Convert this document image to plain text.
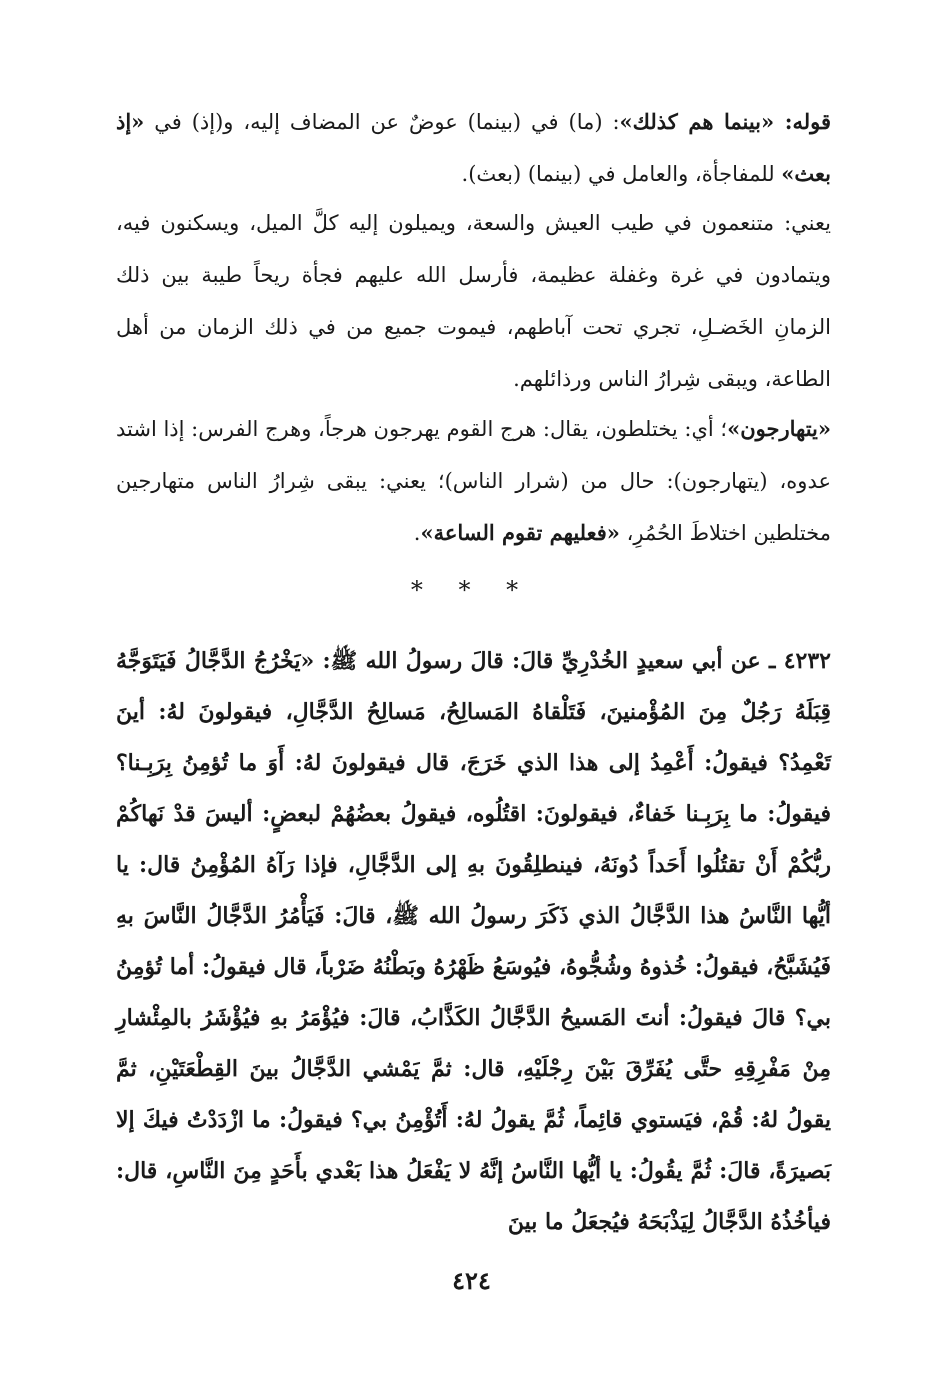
قوله: «بينما هم كذلك»: (ما) في (بينما) عوضٌ عن المضاف إليه، و(إذ) في «إذ بعث» للمفاجأة، والعامل في (بينما) (بعث).

يعني: متنعمون في طيب العيش والسعة، ويميلون إليه كلَّ الميل، ويسكنون فيه، ويتمادون في غرة وغفلة عظيمة، فأرسل الله عليهم فجأة ريحاً طيبة بين ذلك الزمانِ الخَضـلِ، تجري تحت آباطهم، فيموت جميع من في ذلك الزمان من أهل الطاعة، ويبقى شِرارُ الناس ورذائلهم.

«يتهارجون»؛ أي: يختلطون، يقال: هرج القوم يهرجون هرجاً، وهرج الفرس: إذا اشتد عدوه، (يتهارجون): حال من (شرار الناس)؛ يعني: يبقى شِرارُ الناس متهارجين مختلطين اختلاطَ الحُمُرِ، «فعليهم تقوم الساعة».

* * *

٤٢٣٢ ـ عن أبي سعيدٍ الخُدْرِيِّ قالَ: قالَ رسولُ الله ﷺ: «يَخْرُجُ الدَّجَّالُ فَيَتَوَجَّهُ قِبَلَهُ رَجُلٌ مِنَ المُؤْمنينَ، فَتَلْقاهُ المَسالِحُ، مَسالِحُ الدَّجَّالِ، فيقولونَ لهُ: أينَ تَعْمِدُ؟ فيقولُ: أَعْمِدُ إلى هذا الذي خَرَجَ، قال فيقولونَ لهُ: أَوَ ما تُؤمِنُ بِرَبِـنا؟ فيقولُ: ما بِرَبِـنا خَفاءٌ، فيقولونَ: اقتُلُوه، فيقولُ بعضُهُمْ لبعضٍ: أليسَ قدْ نَهاكُمْ ربُّكُمْ أَنْ تقتُلُوا أَحَداً دُونَهُ، فينطلِقُونَ بهِ إلى الدَّجَّالِ، فإذا رَآهُ المُؤْمِنُ قال: يا أيُّها النَّاسُ هذا الدَّجَّالُ الذي ذَكَرَ رسولُ الله ﷺ، قالَ: فَيَأْمُرُ الدَّجَّالُ النَّاسَ بهِ فَيُشَبَّحُ، فيقولُ: خُذوهُ وشُجُّوهُ، فيُوسَعُ ظَهْرُهُ وبَطْنُهُ ضَرْباً، قال فيقولُ: أما تُؤمِنُ بي؟ قالَ فيقولُ: أنتَ المَسيحُ الدَّجَّالُ الكَذَّابُ، قالَ: فيُؤْمَرُ بهِ فيُؤْشَرُ بالمِئْشارِ مِنْ مَفْرِقِهِ حتَّى يُفَرِّقَ بَيْنَ رِجْلَيْهِ، قال: ثمَّ يَمْشي الدَّجَّالُ بينَ القِطْعَتَيْنِ، ثمَّ يقولُ لهُ: قُمْ، فيَستوي قائِماً، ثُمَّ يقولُ لهُ: أَتُؤْمِنُ بي؟ فيقولُ: ما ازْدَدْتُ فيكَ إلا بَصيرَةً، قالَ: ثُمَّ يقُولُ: يا أيُّها النَّاسُ إنَّهُ لا يَفْعَلُ هذا بَعْدي بأَحَدٍ مِنَ النَّاسِ، قال: فيأخُذُهُ الدَّجَّالُ لِيَذْبَحَهُ فيُجعَلُ ما بينَ

٤٢٤
